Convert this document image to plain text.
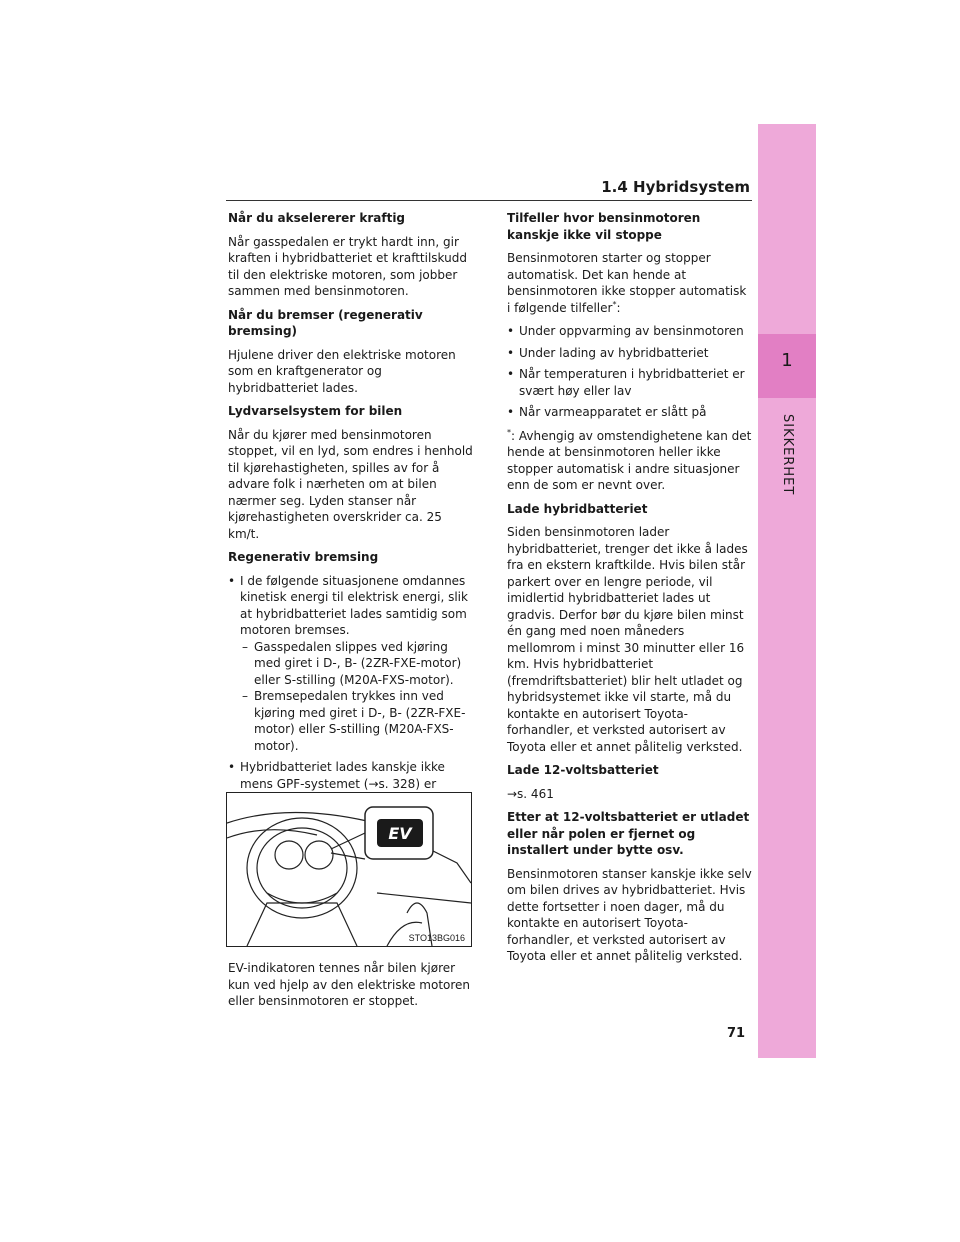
1
SIKKERHET
1.4 Hybridsystem

Når du akselererer kraftig

Når gasspedalen er trykt hardt inn, gir kraften i hybridbatteriet et krafttilskudd til den elektriske motoren, som jobber sammen med bensinmotoren.

Når du bremser (regenerativ bremsing)

Hjulene driver den elektriske motoren som en kraftgenerator og hybridbatteriet lades.

Lydvarselsystem for bilen

Når du kjører med bensinmotoren stoppet, vil en lyd, som endres i henhold til kjørehastigheten, spilles av for å advare folk i nærheten om at bilen nærmer seg. Lyden stanser når kjørehastigheten overskrider ca. 25 km/t.

Regenerativ bremsing

• I de følgende situasjonene omdannes kinetisk energi til elektrisk energi, slik at hybridbatteriet lades samtidig som motoren bremses.
– Gasspedalen slippes ved kjøring med giret i D-, B- (2ZR-FXE-motor) eller S-stilling (M20A-FXS-motor).
– Bremsepedalen trykkes inn ved kjøring med giret i D-, B- (2ZR-FXE-motor) eller S-stilling (M20A-FXS-motor).
• Hybridbatteriet lades kanskje ikke mens GPF-systemet (→s. 328) er

EV
STO13BG016
EV-indikatoren tennes når bilen kjører kun ved hjelp av den elektriske motoren eller bensinmotoren er stoppet.

Tilfeller hvor bensinmotoren kanskje ikke vil stoppe

Bensinmotoren starter og stopper automatisk. Det kan hende at bensinmotoren ikke stopper automatisk i følgende tilfeller*:

• Under oppvarming av bensinmotoren
• Under lading av hybridbatteriet
• Når temperaturen i hybridbatteriet er svært høy eller lav
• Når varmeapparatet er slått på

*: Avhengig av omstendighetene kan det hende at bensinmotoren heller ikke stopper automatisk i andre situasjoner enn de som er nevnt over.

Lade hybridbatteriet

Siden bensinmotoren lader hybridbatteriet, trenger det ikke å lades fra en ekstern kraftkilde. Hvis bilen står parkert over en lengre periode, vil imidlertid hybridbatteriet lades ut gradvis. Derfor bør du kjøre bilen minst én gang med noen måneders mellomrom i minst 30 minutter eller 16 km. Hvis hybridbatteriet (fremdriftsbatteriet) blir helt utladet og hybridsystemet ikke vil starte, må du kontakte en autorisert Toyota-forhandler, et verksted autorisert av Toyota eller et annet pålitelig verksted.

Lade 12-voltsbatteriet

→s. 461

Etter at 12-voltsbatteriet er utladet eller når polen er fjernet og installert under bytte osv.

Bensinmotoren stanser kanskje ikke selv om bilen drives av hybridbatteriet. Hvis dette fortsetter i noen dager, må du kontakte en autorisert Toyota-forhandler, et verksted autorisert av Toyota eller et annet pålitelig verksted.

71
